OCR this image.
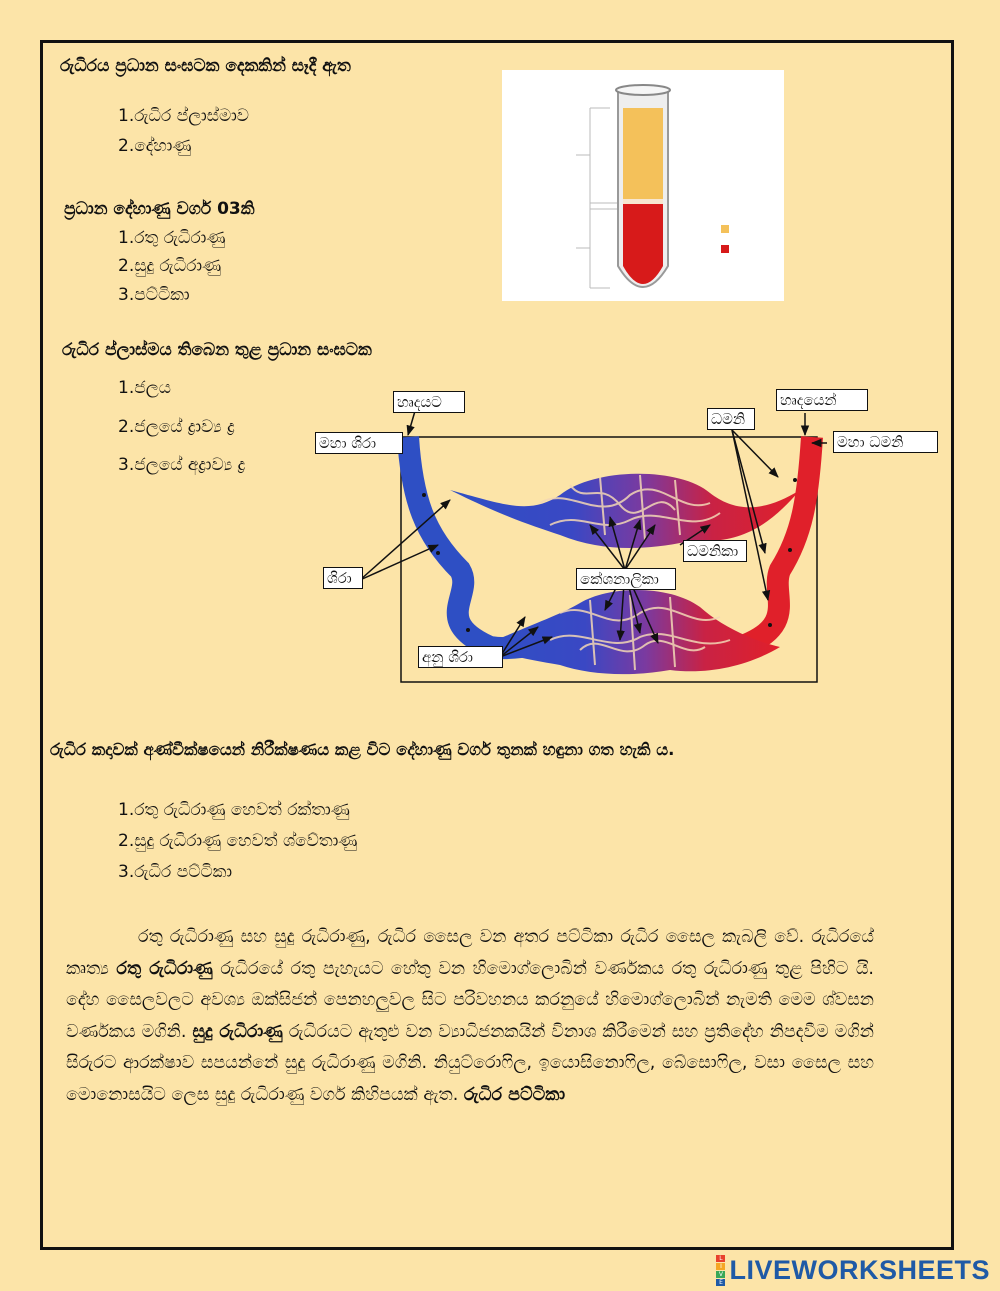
රුධිරය ප්‍රධාන සංඝටක දෙකකින් සෑදී ඇත
1.රුධිර ප්ලාස්මාව
2.දේහාණු
ප්‍රධාන දේහාණු වර්ග 03කි
1.රතු රුධිරාණු
2.සුදු රුධිරාණු
3.පට්ටිකා
රුධිර ප්ලාස්මය තිබෙන තුළ ප්‍රධාන සංඝටක
1.ජලය
2.ජලයේ ද්‍රාව්‍ය ද්‍ර
3.ජලයේ අද්‍රාව්‍ය ද්‍ර
හෘදයට	හෘදයෙන්
මහා ශිරා
ධමනි
මහා ධමනි
ධමනිකා
ශිරා	කේශනාලිකා
අනු ශිරා
රුධිර කදාවක් අණ්වීක්ෂයෙන් නිරීක්ෂණය කළ විට දේහාණු වර්ග තුනක් හඳුනා ගත හැකි ය.
1.රතු රුධිරාණු හෙවත් රක්තාණු
2.සුදු රුධිරාණු හෙවත් ශ්වේතාණු
3.රුධිර පට්ටිකා
රතු රුධිරාණු සහ සුදු රුධිරාණු, රුධිර සෛල වන අතර පට්ටිකා රුධිර සෛල කැබලි වේ. රුධිරයේ කෘත්‍ය රතු රුධිරාණු රුධිරයේ රතු පැහැයට හේතු වන හිමොග්ලොබින් වර්ණකය රතු රුධිරාණු තුළ පිහිට යි. දේහ සෛලවලට අවශ්‍ය ඔක්සිජන් පෙනහලුවල සිට පරිවහනය කරනුයේ හිමොග්ලොබින් නැමති මෙම ශ්වසන වර්ණකය මගිනි. සුදු රුධිරාණු රුධිරයට ඇතුළු වන ව්‍යාධිජනකයින් විනාශ කිරීමෙන් සහ ප්‍රතිදේහ නිපදවීම මගින් සිරුරට ආරක්ෂාව සපයන්නේ සුදු රුධිරාණු මගිනි. නියුට්රොෆිල, ඉයොසිනොෆිල, බේසොෆිල, වසා සෛල සහ මොනොසයිට ලෙස සුදු රුධිරාණු වර්ග කිහිපයක් ඇත. රුධිර පට්ටිකා
L
I
V
E LIVEWORKSHEETS
